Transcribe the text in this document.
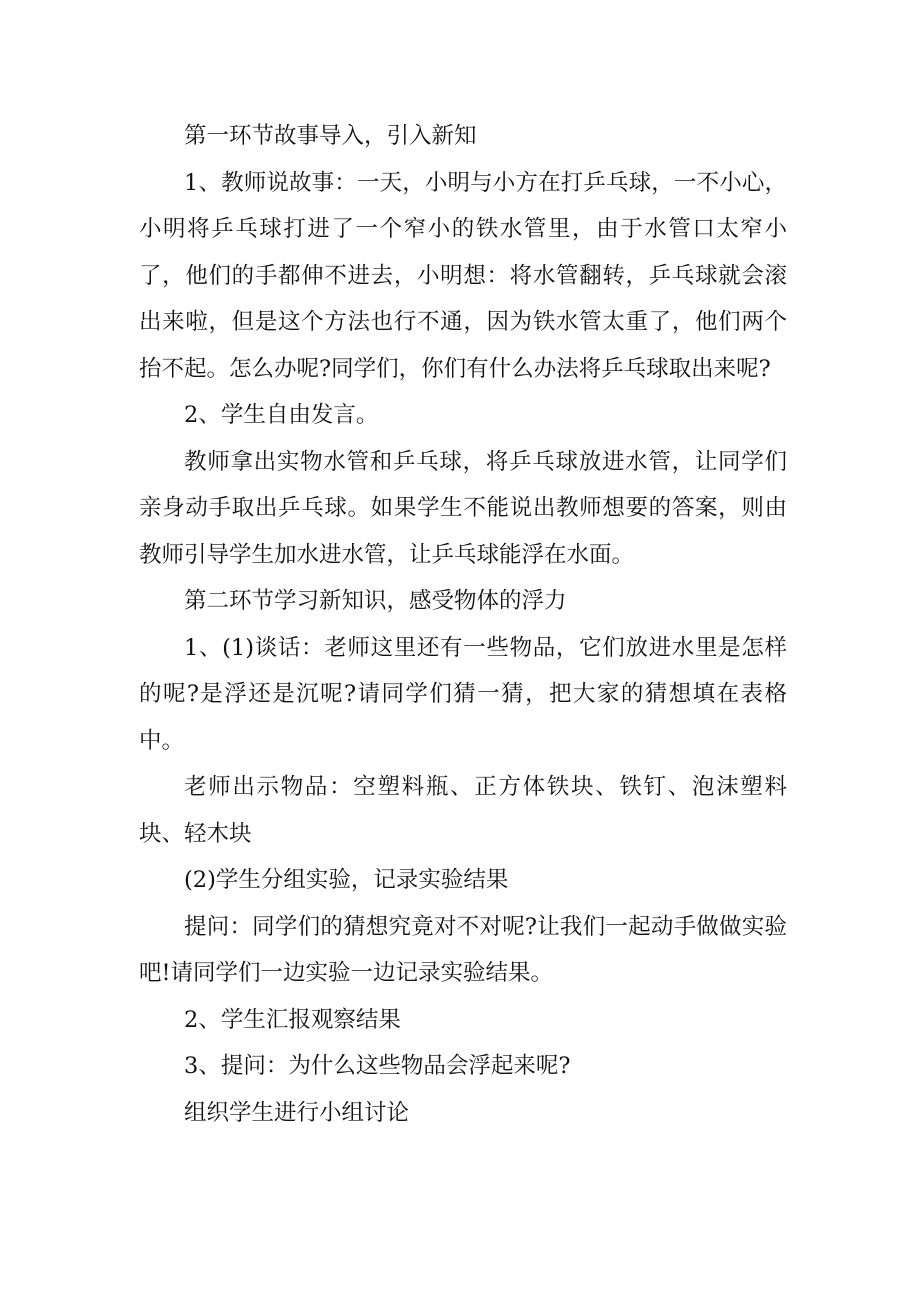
第一环节故事导入，引入新知

1、教师说故事：一天，小明与小方在打乒乓球，一不小心，小明将乒乓球打进了一个窄小的铁水管里，由于水管口太窄小了，他们的手都伸不进去，小明想：将水管翻转，乒乓球就会滚出来啦，但是这个方法也行不通，因为铁水管太重了，他们两个抬不起。怎么办呢?同学们，你们有什么办法将乒乓球取出来呢?

2、学生自由发言。

教师拿出实物水管和乒乓球，将乒乓球放进水管，让同学们亲身动手取出乒乓球。如果学生不能说出教师想要的答案，则由教师引导学生加水进水管，让乒乓球能浮在水面。

第二环节学习新知识，感受物体的浮力

1、(1)谈话：老师这里还有一些物品，它们放进水里是怎样的呢?是浮还是沉呢?请同学们猜一猜，把大家的猜想填在表格中。

老师出示物品：空塑料瓶、正方体铁块、铁钉、泡沫塑料块、轻木块

(2)学生分组实验，记录实验结果

提问：同学们的猜想究竟对不对呢?让我们一起动手做做实验吧!请同学们一边实验一边记录实验结果。

2、学生汇报观察结果

3、提问：为什么这些物品会浮起来呢?

组织学生进行小组讨论
